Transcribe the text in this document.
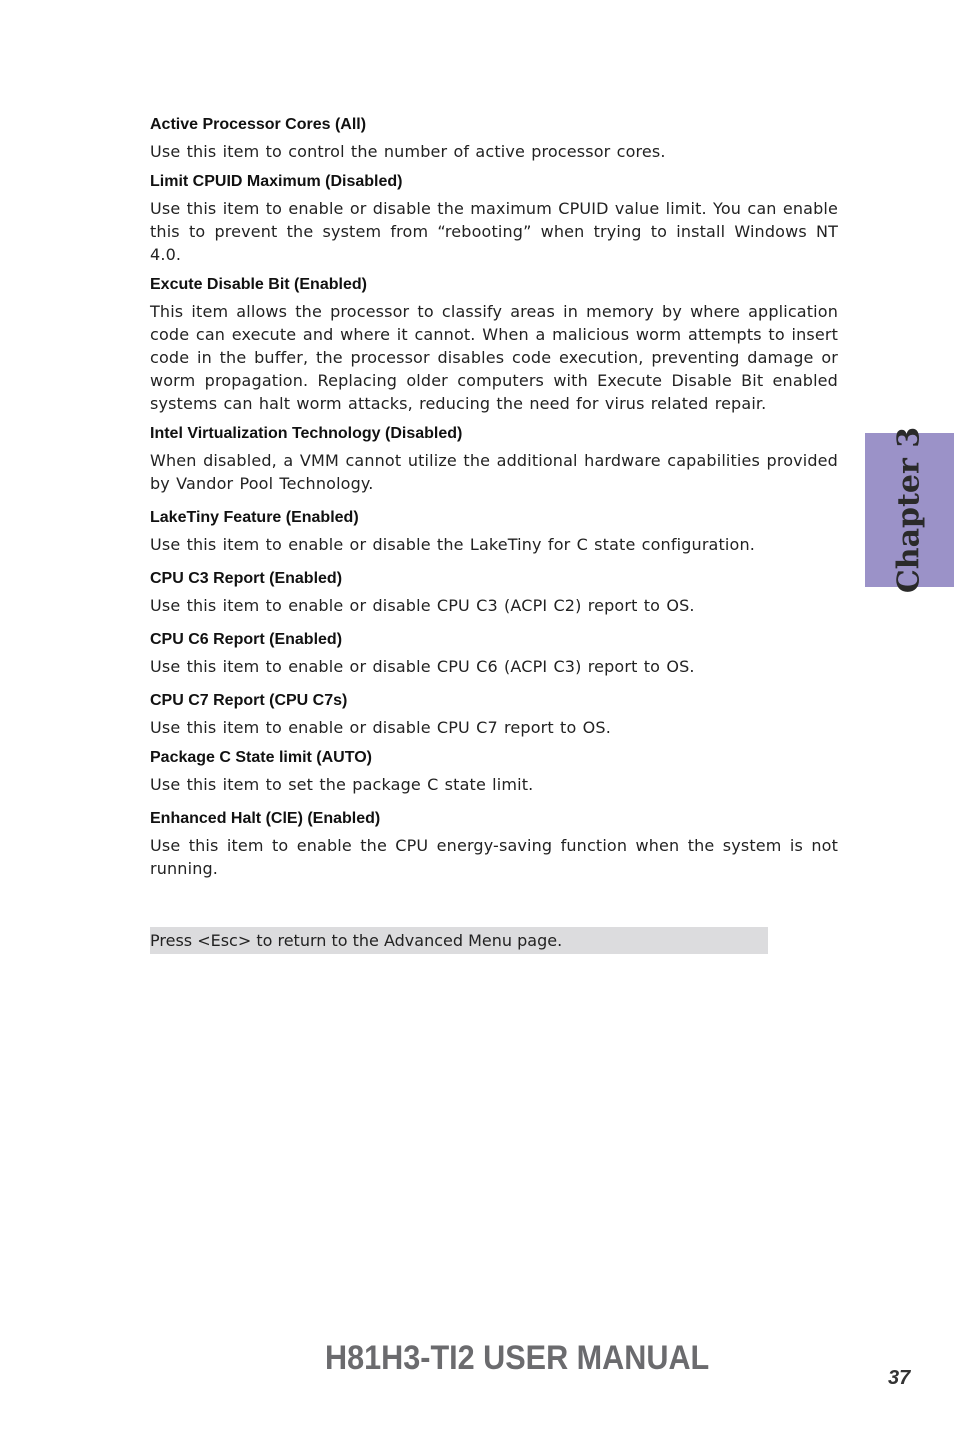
Active Processor Cores (All)

Use this item to control the number of active processor cores.

Limit CPUID Maximum (Disabled)

Use this item to enable or disable the maximum CPUID value limit. You can enable this to prevent the system from “rebooting” when trying to install Windows NT 4.0.

Excute Disable Bit (Enabled)

This item allows the processor to classify areas in memory by where application code can execute and where it cannot. When a malicious worm attempts to insert code in the buffer, the processor disables code execution, preventing damage or worm propagation. Replacing older computers with Execute Disable Bit enabled systems can halt worm attacks, reducing the need for virus related repair.

Intel Virtualization Technology (Disabled)

When disabled, a VMM cannot utilize the additional hardware capabilities provided by Vandor Pool Technology.

LakeTiny Feature (Enabled)

Use this item to enable or disable the LakeTiny for C state configuration.

CPU C3 Report (Enabled)

Use this item to enable or disable CPU C3 (ACPI C2) report to OS.

CPU C6 Report (Enabled)

Use this item to enable or disable CPU C6 (ACPI C3) report to OS.

CPU C7 Report (CPU C7s)

Use this item to enable or disable CPU C7 report to OS.

Package C State limit (AUTO)

Use this item to set the package C state limit.

Enhanced Halt (ClE) (Enabled)

Use this item to enable the CPU energy-saving function when the system is not running.

Press <Esc> to return to the Advanced Menu page.
Chapter 3
H81H3-TI2 USER MANUAL
37
